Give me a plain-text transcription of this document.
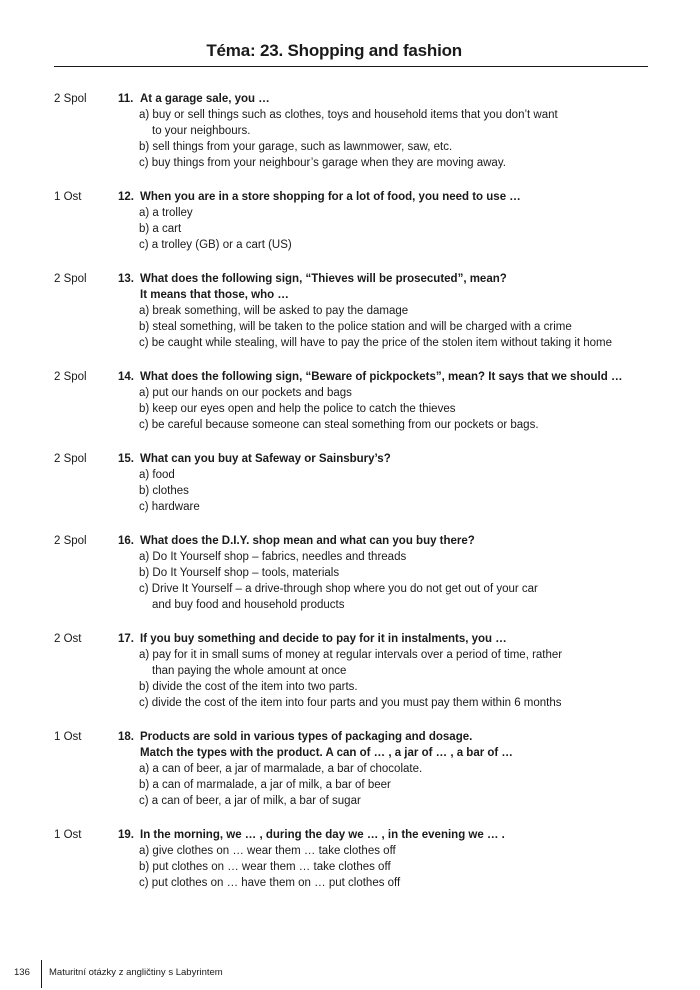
Téma: 23. Shopping and fashion
2 Spol	11. At a garage sale, you …
a) buy or sell things such as clothes, toys and household items that you don’t want
to your neighbours.
b) sell things from your garage, such as lawnmower, saw, etc.
c) buy things from your neighbour’s garage when they are moving away.
1 Ost	12. When you are in a store shopping for a lot of food, you need to use …
a) a trolley
b) a cart
c) a trolley (GB) or a cart (US)
2 Spol	13. What does the following sign, “Thieves will be prosecuted”, mean?
It means that those, who …
a) break something, will be asked to pay the damage
b) steal something, will be taken to the police station and will be charged with a crime
c) be caught while stealing, will have to pay the price of the stolen item without taking it home
2 Spol	14. What does the following sign, “Beware of pickpockets”, mean? It says that we should …
a) put our hands on our pockets and bags
b) keep our eyes open and help the police to catch the thieves
c) be careful because someone can steal something from our pockets or bags.
2 Spol	15. What can you buy at Safeway or Sainsbury’s?
a) food
b) clothes
c) hardware
2 Spol	16. What does the D.I.Y. shop mean and what can you buy there?
a) Do It Yourself shop – fabrics, needles and threads
b) Do It Yourself shop – tools, materials
c) Drive It Yourself – a drive-through shop where you do not get out of your car
and buy food and household products
2 Ost	17. If you buy something and decide to pay for it in instalments, you …
a) pay for it in small sums of money at regular intervals over a period of time, rather
than paying the whole amount at once
b) divide the cost of the item into two parts.
c) divide the cost of the item into four parts and you must pay them within 6 months
1 Ost	18. Products are sold in various types of packaging and dosage.
Match the types with the product. A can of … , a jar of … , a bar of …
a) a can of beer, a jar of marmalade, a bar of chocolate.
b) a can of marmalade, a jar of milk, a bar of beer
c) a can of beer, a jar of milk, a bar of sugar
1 Ost	19. In the morning, we … , during the day we … , in the evening we … .
a) give clothes on … wear them … take clothes off
b) put clothes on … wear them … take clothes off
c) put clothes on … have them on … put clothes off
136 Maturitní otázky z angličtiny s Labyrintem
